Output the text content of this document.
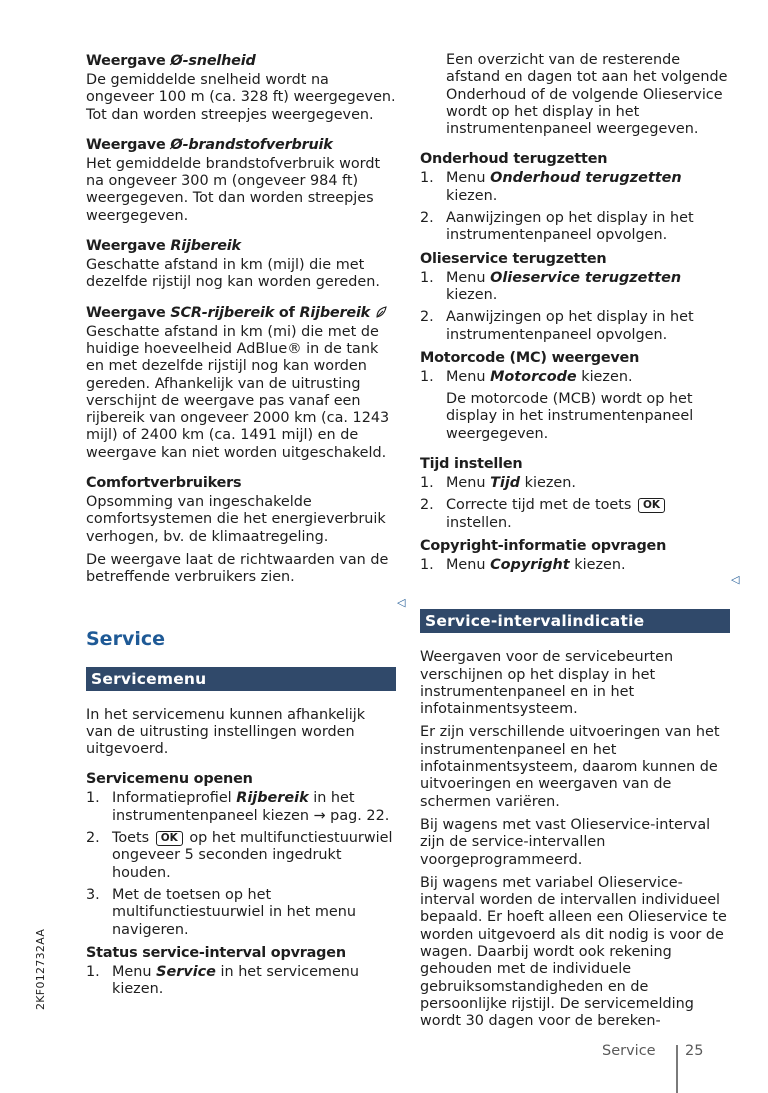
Weergave Ø-snelheid

De gemiddelde snelheid wordt na ongeveer 100 m (ca. 328 ft) weergegeven. Tot dan worden streepjes weergegeven.

Weergave Ø-brandstofverbruik

Het gemiddelde brandstofverbruik wordt na ongeveer 300 m (ongeveer 984 ft) weergegeven. Tot dan worden streepjes weergegeven.

Weergave Rijbereik

Geschatte afstand in km (mijl) die met dezelfde rijstijl nog kan worden gereden.

Weergave SCR-rijbereik of Rijbereik

Geschatte afstand in km (mi) die met de huidige hoeveelheid AdBlue® in de tank en met dezelfde rijstijl nog kan worden gereden. Afhankelijk van de uitrusting verschijnt de weergave pas vanaf een rijbereik van ongeveer 2000 km (ca. 1243 mijl) of 2400 km (ca. 1491 mijl) en de weergave kan niet worden uitgeschakeld.

Comfortverbruikers

Opsomming van ingeschakelde comfortsystemen die het energieverbruik verhogen, bv. de klimaatregeling.

De weergave laat de richtwaarden van de betreffende verbruikers zien.

Service
Servicemenu

In het servicemenu kunnen afhankelijk van de uitrusting instellingen worden uitgevoerd.

Servicemenu openen
1. Informatieprofiel Rijbereik in het instrumentenpaneel kiezen → pag. 22.
2. Toets OK op het multifunctiestuurwiel ongeveer 5 seconden ingedrukt houden.
3. Met de toetsen op het multifunctiestuurwiel in het menu navigeren.
Status service-interval opvragen
1. Menu Service in het servicemenu kiezen.
◁

Een overzicht van de resterende afstand en dagen tot aan het volgende Onderhoud of de volgende Olieservice wordt op het display in het instrumentenpaneel weergegeven.

Onderhoud terugzetten
1. Menu Onderhoud terugzetten kiezen.
2. Aanwijzingen op het display in het instrumentenpaneel opvolgen.
Olieservice terugzetten
1. Menu Olieservice terugzetten kiezen.
2. Aanwijzingen op het display in het instrumentenpaneel opvolgen.
Motorcode (MC) weergeven
1. Menu Motorcode kiezen.

De motorcode (MCB) wordt op het display in het instrumentenpaneel weergegeven.

Tijd instellen
1. Menu Tijd kiezen.
2. Correcte tijd met de toets OK instellen.
Copyright-informatie opvragen
1. Menu Copyright kiezen.
Service-intervalindicatie

Weergaven voor de servicebeurten verschijnen op het display in het instrumentenpaneel en in het infotainmentsysteem.

Er zijn verschillende uitvoeringen van het instrumentenpaneel en het infotainmentsysteem, daarom kunnen de uitvoeringen en weergaven van de schermen variëren.

Bij wagens met vast Olieservice-interval zijn de service-intervallen voorgeprogrammeerd.

Bij wagens met variabel Olieservice-interval worden de intervallen individueel bepaald. Er hoeft alleen een Olieservice te worden uitgevoerd als dit nodig is voor de wagen. Daarbij wordt ook rekening gehouden met de individuele gebruiksomstandigheden en de persoonlijke rijstijl. De servicemelding wordt 30 dagen voor de bereken-

◁
2KF012732AA
Service 25
